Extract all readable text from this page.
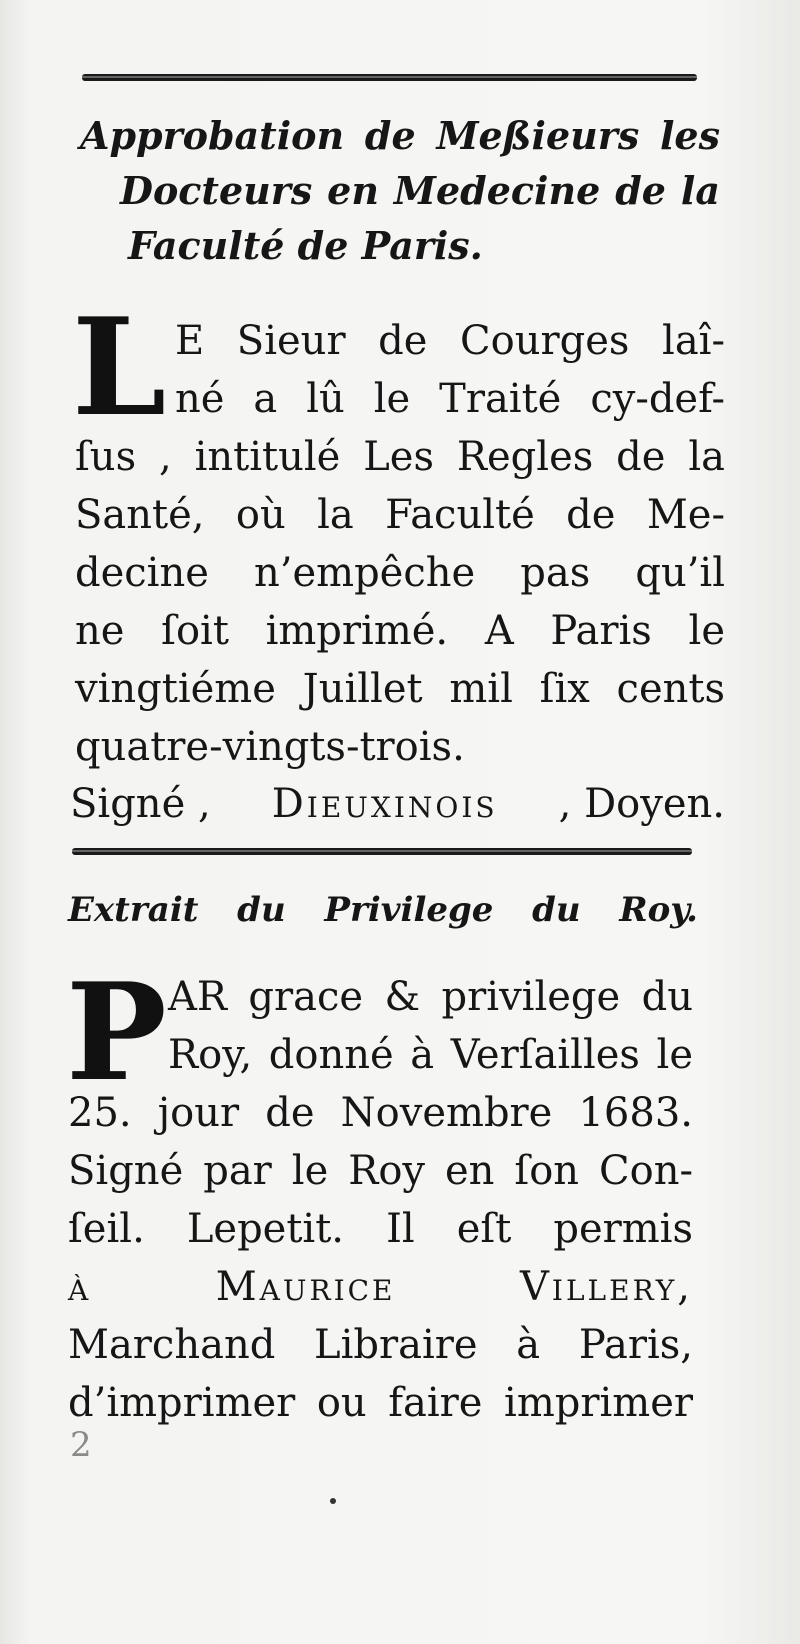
Approbation de Meßieurs les
Docteurs en Medecine de la
Faculté de Paris.
L E Sieur de Courges laî-
né a lû le Traité cy-def-
ſus , intitulé Les Regles de la
Santé, où la Faculté de Me-
decine n’empêche pas qu’il
ne ſoit imprimé. A Paris le
vingtiéme Juillet mil ſix cents
quatre-vingts-trois.
Signé , Dieuxinois , Doyen.
Extrait du Privilege du Roy.
P AR grace & privilege du
Roy, donné à Verſailles le
25. jour de Novembre 1683.
Signé par le Roy en ſon Con-
ſeil. Lepetit. Il eſt permis
à Maurice Villery,
Marchand Libraire à Paris,
d’imprimer ou faire imprimer
2
